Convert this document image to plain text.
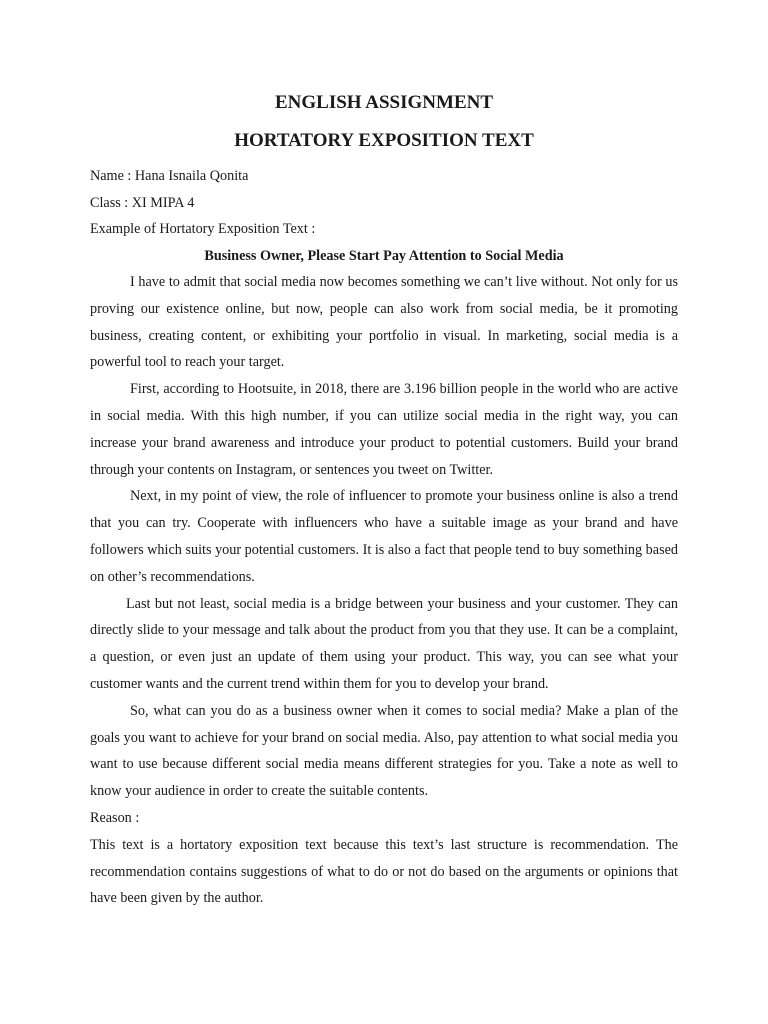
ENGLISH ASSIGNMENT
HORTATORY EXPOSITION TEXT

Name : Hana Isnaila Qonita

Class : XI MIPA 4

Example of Hortatory Exposition Text :

Business Owner, Please Start Pay Attention to Social Media

I have to admit that social media now becomes something we can’t live without. Not only for us proving our existence online, but now, people can also work from social media, be it promoting business, creating content, or exhibiting your portfolio in visual. In marketing, social media is a powerful tool to reach your target.

First, according to Hootsuite, in 2018, there are 3.196 billion people in the world who are active in social media. With this high number, if you can utilize social media in the right way, you can increase your brand awareness and introduce your product to potential customers. Build your brand through your contents on Instagram, or sentences you tweet on Twitter.

Next, in my point of view, the role of influencer to promote your business online is also a trend that you can try. Cooperate with influencers who have a suitable image as your brand and have followers which suits your potential customers. It is also a fact that people tend to buy something based on other’s recommendations.

Last but not least, social media is a bridge between your business and your customer. They can directly slide to your message and talk about the product from you that they use. It can be a complaint, a question, or even just an update of them using your product. This way, you can see what your customer wants and the current trend within them for you to develop your brand.

So, what can you do as a business owner when it comes to social media? Make a plan of the goals you want to achieve for your brand on social media. Also, pay attention to what social media you want to use because different social media means different strategies for you. Take a note as well to know your audience in order to create the suitable contents.

Reason :

This text is a hortatory exposition text because this text’s last structure is recommendation. The recommendation contains suggestions of what to do or not do based on the arguments or opinions that have been given by the author.
